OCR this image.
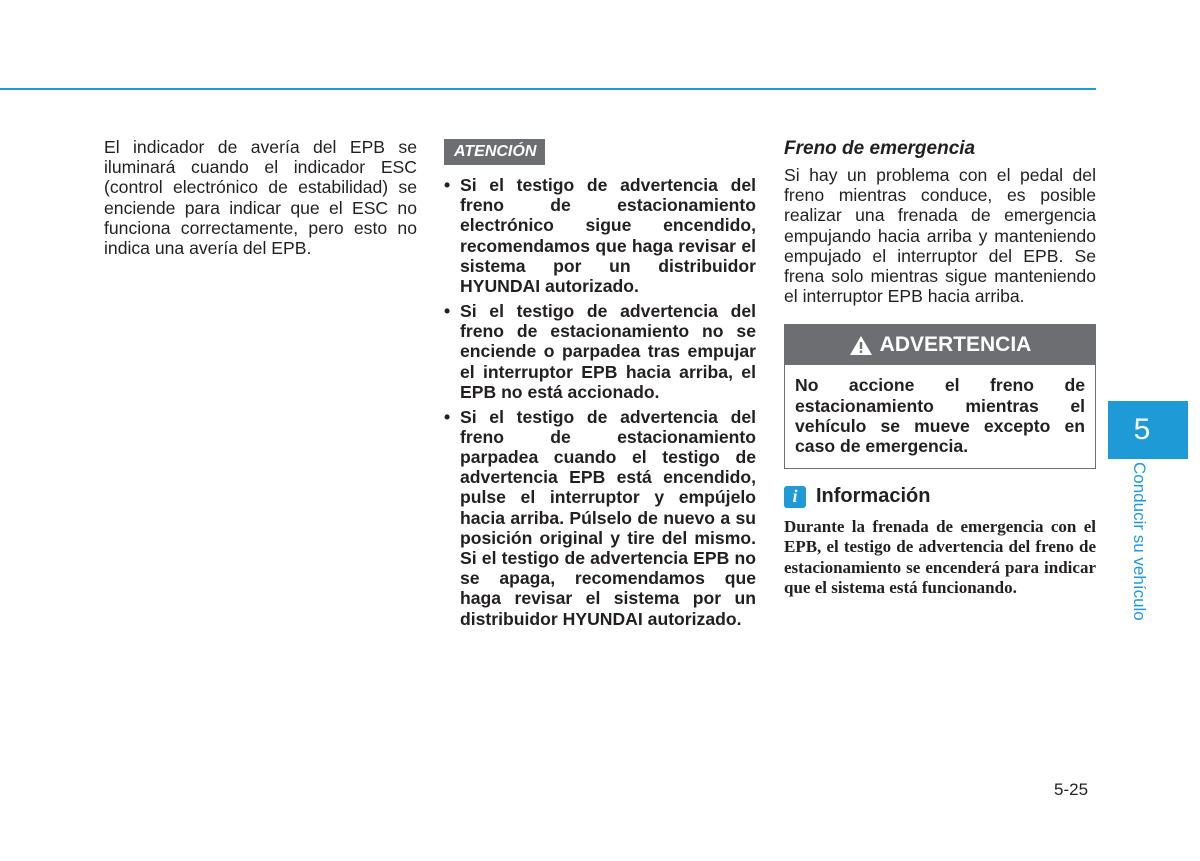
El indicador de avería del EPB se iluminará cuando el indicador ESC (control electrónico de estabilidad) se enciende para indicar que el ESC no funciona correctamente, pero esto no indica una avería del EPB.

ATENCIÓN
• Si el testigo de advertencia del freno de estacionamiento electrónico sigue encendido, recomendamos que haga revisar el sistema por un distribuidor HYUNDAI autorizado.
• Si el testigo de advertencia del freno de estacionamiento no se enciende o parpadea tras empujar el interruptor EPB hacia arriba, el EPB no está accionado.
• Si el testigo de advertencia del freno de estacionamiento parpadea cuando el testigo de advertencia EPB está encendido, pulse el interruptor y empújelo hacia arriba. Púlselo de nuevo a su posición original y tire del mismo. Si el testigo de advertencia EPB no se apaga, recomendamos que haga revisar el sistema por un distribuidor HYUNDAI autorizado.
Freno de emergencia

Si hay un problema con el pedal del freno mientras conduce, es posible realizar una frenada de emergencia empujando hacia arriba y manteniendo empujado el interruptor del EPB. Se frena solo mientras sigue manteniendo el interruptor EPB hacia arriba.

ADVERTENCIA
No accione el freno de estacionamiento mientras el vehículo se mueve excepto en caso de emergencia.
i Información
Durante la frenada de emergencia con el EPB, el testigo de advertencia del freno de estacionamiento se encenderá para indicar que el sistema está funcionando.
5
Conducir su vehículo
5-25
